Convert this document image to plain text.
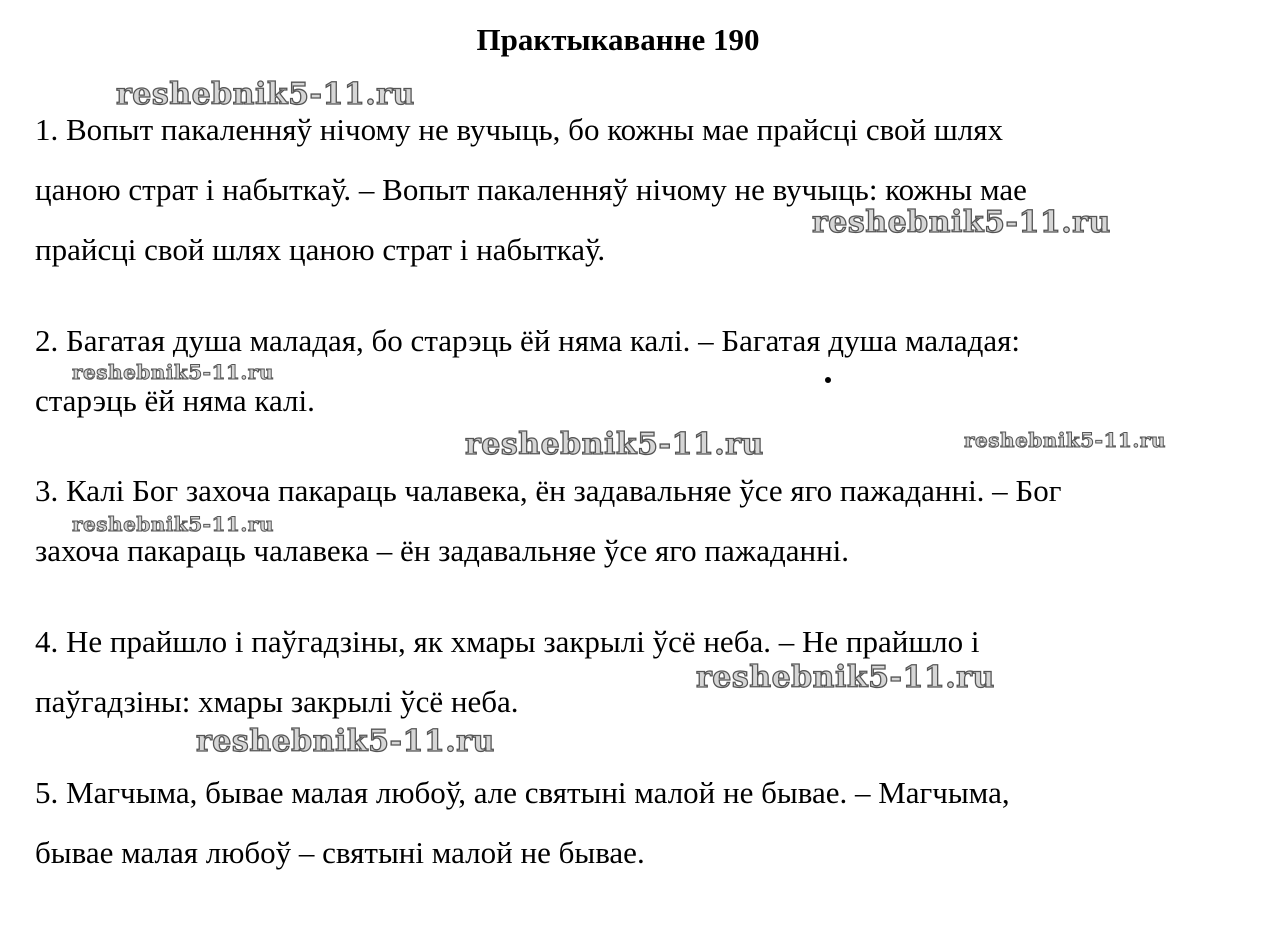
Практыкаванне 190
1. Вопыт пакаленняў нічому не вучыць, бо кожны мае прайсці свой шлях
цаною страт і набыткаў. – Вопыт пакаленняў нічому не вучыць: кожны мае
прайсці свой шлях цаною страт і набыткаў.
2. Багатая душа маладая, бо старэць ёй няма калі. – Багатая душа маладая:
старэць ёй няма калі.
3. Калі Бог захоча пакараць чалавека, ён задавальняе ўсе яго пажаданні. – Бог
захоча пакараць чалавека – ён задавальняе ўсе яго пажаданні.
4. Не прайшло і паўгадзіны, як хмары закрылі ўсё неба. – Не прайшло і
паўгадзіны: хмары закрылі ўсё неба.
5. Магчыма, бывае малая любоў, але святыні малой не бывае. – Магчыма,
бывае малая любоў – святыні малой не бывае.
reshebnik5-11.ru
reshebnik5-11.ru
reshebnik5-11.ru
reshebnik5-11.ru	reshebnik5-11.ru
reshebnik5-11.ru
reshebnik5-11.ru
reshebnik5-11.ru
